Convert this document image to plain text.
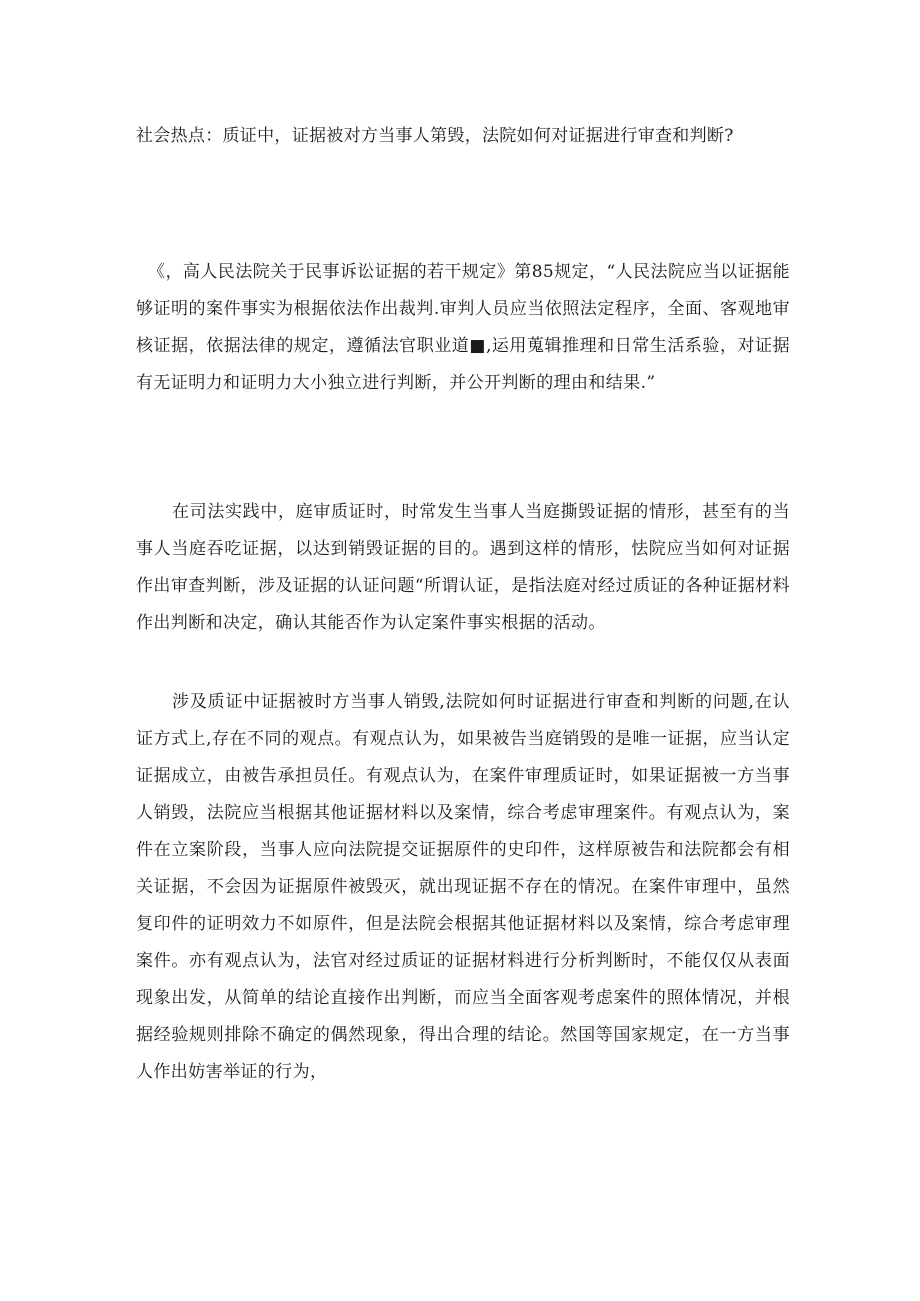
社会热点：质证中，证据被对方当事人第毁，法院如何对证据进行审查和判断?

《，高人民法院关于民事诉讼证据的若干规定》第85规定，“人民法院应当以证据能够证明的案件事实为根据依法作出裁判.审判人员应当依照法定程序，全面、客观地审核证据，依据法律的规定，遵循法官职业道■,运用蒐辑推理和日常生活系验，对证据有无证明力和证明力大小独立进行判断，并公开判断的理由和结果.”

在司法实践中，庭审质证时，时常发生当事人当庭撕毁证据的情形，甚至有的当事人当庭吞吃证据，以达到销毁证据的目的。遇到这样的情形，怯院应当如何对证据作出审查判断，涉及证据的认证问题“所谓认证，是指法庭对经过质证的各种证据材料作出判断和决定，确认其能否作为认定案件事实根据的活动。

涉及质证中证据被时方当事人销毁,法院如何时证据进行审查和判断的问题,在认证方式上,存在不同的观点。有观点认为，如果被告当庭销毁的是唯一证据，应当认定证据成立，由被告承担员任。有观点认为，在案件审理质证时，如果证据被一方当事人销毁，法院应当根据其他证据材料以及案情，综合考虑审理案件。有观点认为，案件在立案阶段，当事人应向法院提交证据原件的史印件，这样原被告和法院都会有相关证据，不会因为证据原件被毁灭，就出现证据不存在的情况。在案件审理中，虽然复印件的证明效力不如原件，但是法院会根据其他证据材料以及案情，综合考虑审理案件。亦有观点认为，法官对经过质证的证据材料进行分析判断时，不能仅仅从表面现象出发，从简单的结论直接作出判断，而应当全面客观考虑案件的照体情况，并根据经验规则排除不确定的偶然现象，得出合理的结论。然国等国家规定，在一方当事人作出妨害举证的行为，
